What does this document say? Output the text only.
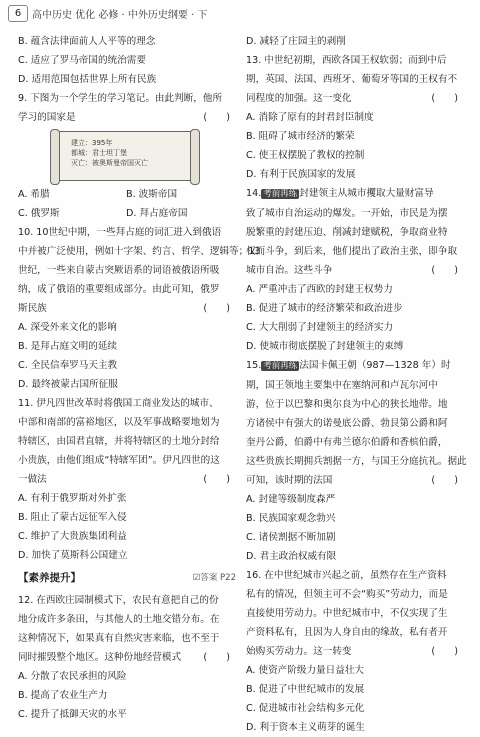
6	高中历史 优化 必修 · 中外历史纲要 · 下
B. 蕴含法律面前人人平等的理念
C. 适应了罗马帝国的统治需要
D. 适用范围包括世界上所有民族
9. 下图为一个学生的学习笔记。由此判断，他所
学习的国家是	(　　)
建立：395年
都城：君士坦丁堡
灭亡：被奥斯曼帝国灭亡
A. 希腊	B. 波斯帝国
C. 俄罗斯	D. 拜占庭帝国
10. 10世纪中期，一些拜占庭的词汇进入到俄语
中并被广泛使用，例如十字架、约言、哲学、逻辑等；13
世纪，一些来自蒙古突厥语系的词语被俄语所吸
纳，成了俄语的重要组成部分。由此可知，俄罗
斯民族	(　　)
A. 深受外来文化的影响
B. 是拜占庭文明的延续
C. 全民信奉罗马天主教
D. 最终被蒙古国所征服
11. 伊凡四世改革时将俄国工商业发达的城市、
中部和南部的富裕地区，以及军事战略要地划为
特辖区，由国君直辖，并将特辖区的土地分封给
小贵族，由他们组成“特辖军团”。伊凡四世的这
一做法	(　　)
A. 有利于俄罗斯对外扩张
B. 阻止了蒙古远征军入侵
C. 维护了大贵族集团利益
D. 加快了莫斯科公国建立
【素养提升】	☑答案 P22
12. 在西欧庄园制模式下，农民有意把自己的份
地分成许多条田，与其他人的土地交错分布。在
这种情况下，如果真有自然灾害来临，也不至于
同时摧毁整个地区。这种份地经营模式 (　　)
A. 分散了农民承担的风险
B. 提高了农业生产力
C. 提升了抵御天灾的水平
D. 减轻了庄园主的剥削
13. 中世纪初期，西欧各国王权软弱；而到中后
期，英国、法国、西班牙、葡萄牙等国的王权有不
同程度的加强。这一变化	(　　)
A. 消除了原有的封君封臣制度
B. 阻碍了城市经济的繁荣
C. 使王权摆脱了教权的控制
D. 有利于民族国家的发展
14. 考前再练 封建领主从城市攫取大量财富导
致了城市自治运动的爆发。一开始，市民是为摆
脱繁重的封建压迫、削减封建赋税，争取商业特
权而斗争，到后来，他们提出了政治主张，即争取
城市自治。这些斗争	(　　)
A. 严重冲击了西欧的封建王权势力
B. 促进了城市的经济繁荣和政治进步
C. 大大削弱了封建领主的经济实力
D. 使城市彻底摆脱了封建领主的束缚
15. 考前再练 法国卡佩王朝（987—1328 年）时
期，国王领地主要集中在塞纳河和卢瓦尔河中
游，位于以巴黎和奥尔良为中心的狭长地带。地
方诸侯中有强大的诺曼底公爵、勃艮第公爵和阿
奎丹公爵，伯爵中有弗兰德尔伯爵和香槟伯爵，
这些贵族长期拥兵割据一方，与国王分庭抗礼。据此
可知，该时期的法国	(　　)
A. 封建等级制度森严
B. 民族国家观念勃兴
C. 诸侯割据不断加剧
D. 君主政治权威有限
16. 在中世纪城市兴起之前，虽然存在生产资料
私有的情况，但领主可不会“购买”劳动力，而是
直接使用劳动力。中世纪城市中，不仅实现了生
产资料私有，且因为人身自由的缘故，私有者开
始购买劳动力。这一转变	(　　)
A. 使资产阶级力量日益壮大
B. 促进了中世纪城市的发展
C. 促进城市社会结构多元化
D. 利于资本主义萌芽的诞生
